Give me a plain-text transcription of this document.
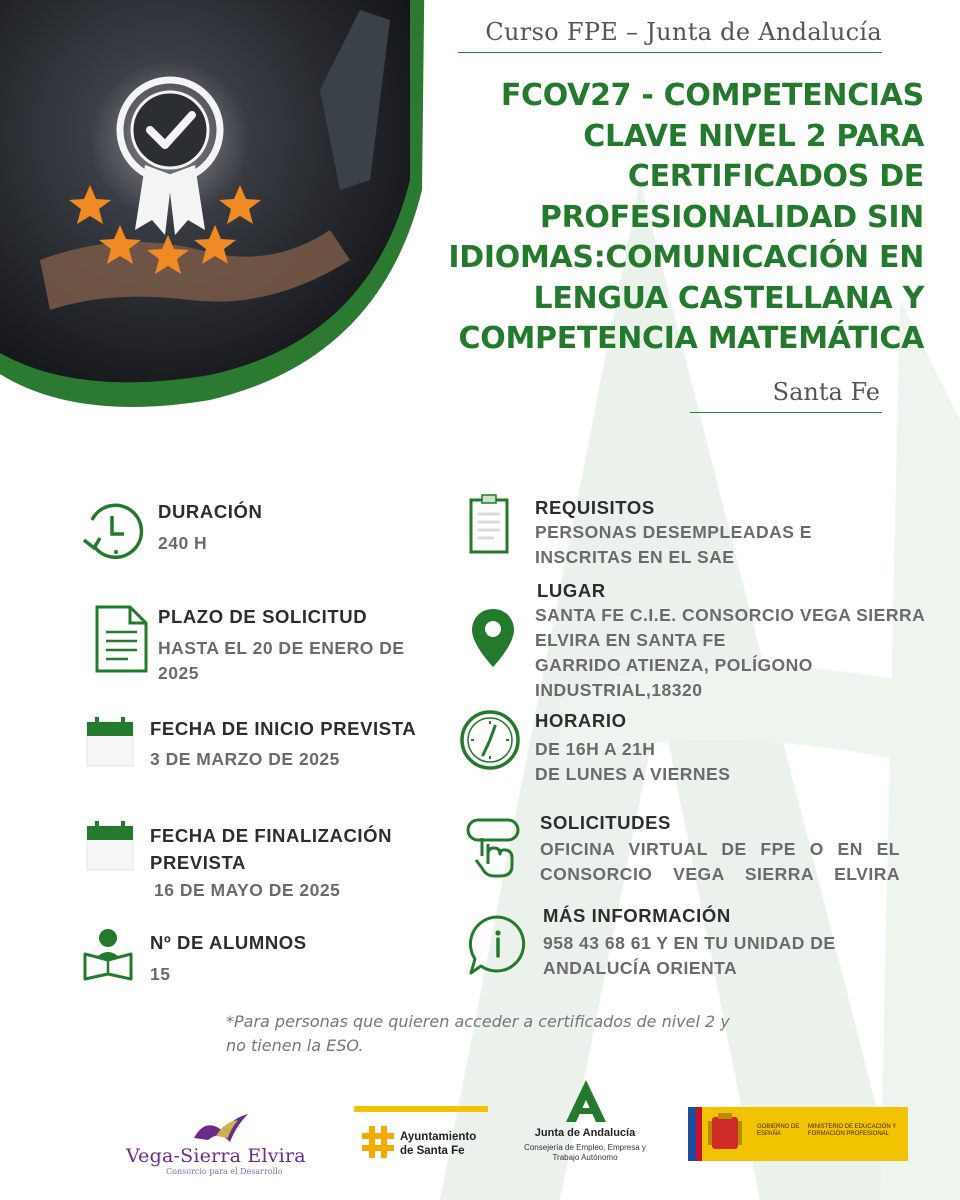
Curso FPE – Junta de Andalucía
FCOV27 - COMPETENCIAS CLAVE NIVEL 2 PARA CERTIFICADOS DE PROFESIONALIDAD SIN IDIOMAS:COMUNICACIÓN EN LENGUA CASTELLANA Y COMPETENCIA MATEMÁTICA
Santa Fe
DURACIÓN
240 H
PLAZO DE SOLICITUD
HASTA EL 20 DE ENERO DE 2025
FECHA DE INICIO PREVISTA
3 DE MARZO DE 2025
FECHA DE FINALIZACIÓN PREVISTA
16 DE MAYO DE 2025
Nº DE ALUMNOS
15
REQUISITOS
PERSONAS DESEMPLEADAS E INSCRITAS EN EL SAE
LUGAR
SANTA FE C.I.E. CONSORCIO VEGA SIERRA ELVIRA EN SANTA FE
GARRIDO ATIENZA, POLÍGONO INDUSTRIAL,18320
HORARIO
DE 16H A 21H
DE LUNES A VIERNES
SOLICITUDES
OFICINA VIRTUAL DE FPE O EN EL CONSORCIO VEGA SIERRA ELVIRA
MÁS INFORMACIÓN
958 43 68 61 Y EN TU UNIDAD DE ANDALUCÍA ORIENTA
*Para personas que quieren acceder a certificados de nivel 2 y no tienen la ESO.
Vega-Sierra Elvira
Consorcio para el Desarrollo
Ayuntamiento de Santa Fe
Junta de Andalucía
Consejería de Empleo, Empresa y Trabajo Autónomo
GOBIERNO DE ESPAÑA
MINISTERIO DE EDUCACIÓN Y FORMACIÓN PROFESIONAL
